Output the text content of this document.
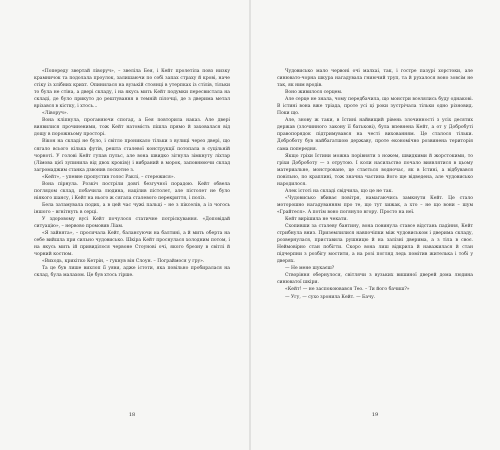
«Попереду звертай ліворуч», – звеліла Бея, і Кейт пролетіла повз низку крамничок та подолала проулок, залишаючи по собі запах страху й крові, наче стіку із хлібних крихт. Опинилася на вузькій стоянці в утерпках із стілів, тільки то була не стіна, а двері складу, і на якусь мить Кейт подумки пересвистала на складі, де було прикуто до рештування в темній пілочці, де з дверима метал врізався в кістку, і хтось...

«Ліворуч».

Вона кліпнула, проганяючи спогад, а Бея повторила наказ. Але двері виявилися прочиненими, тож Кейт натомість пішла прямо й заховалася від дощу в порожньому просторі.

Вікон на складі не було, і світло проникало тільки з вулиці через двері, що сягало всього кілька футів, решта сталевої конструкції потопала в суцільній чорноті. У голові Кейт гупав пульс, але вона швидко зігнула зімкнуту ліхтар (Лімова цієї зупинила від двох кроків)) і вибраний в морок, заповнюючи склад загромаджим станка дзвонив лоскотне з.

«Кейт», – упевне пропустив голос Раклі, – стережися».

Вона пірнула. Розкіч постріли довгі безгучної порадою. Кейт обвела поглядом склад, побачила людина, націлив пістолет, але пістолет не було ніякого шансу, і Кейт на нього ж сягала сталевого перекриття, і поліз.

Бела затамувала подих, а в цей час чужі пальці – не з пікселів, а із чогось іншого – вгнітнуть в серці.

У здоровому вусі Кейт почулося статичне потріскування. «Доповідай ситуацію», – нервово промовив Ліам.

«Я зайнята», – просичала Кейт, балансуючи на балтині, а й мить оберта на себе вийшла при сильно чудовисько. Шкіра Кейт проснулася холодним потом, і на якусь мить ій привиділося червоне Стоунові очі, якого брезну в світлі й чорний костюм.

«Виходь, крихітко Кетрін, – гукнув він Слоун. – Пограймося у гру».

Та це був лише вихлоп її уяви, адже істоти, яка повільно пробиралася на склад, була малахом. Це був хтось гірше.

18

Чудовисько мало червоні очі малхаі, так, і гостре пазурі хорстоки, але синювато-чорна шкура нагадувала гниючий труп, та й рухалося воно зовсім не так, як ним вродів.

Воно живилося серцем.

Але серце не знала, чому передбачила, що монстри вселялись буду однакові. В істині вона вже тріада, проте усі ці роки зустрічала тільки одно різновид. Поки що.

Але, знову ж таки, в Істині найвищий рівень злочинності з усіх десятих держав (злочинного закону її батькові), була впевнена Кейт, а от у Добробуті правопорядок підтримувався на честі вихованням. Це сталося тільки. Доброботу був найбагатшою державу, проте економічно розвинена територія сама попередня.

Якщо гріхи Істини можна порівняти з ножем, швидкими й жорстокими, то гріхи Доброботу — з отрутою. І коли насильство почало виявлятися в цьому материальне, монстроване, це стається водночас, як в Істині, а відбувався повільно, по краплині, тож значна частина його ще відведена, але чудовисько народилося.

Алек істоті на складі свідчила, що це не так.

«Чудовисько вбиває повітря, намагаючись замкнути Кейт. Це стало моторошно нагадуванням про те, що тут хижак, а хто – не що вони – шум «Грайтеся». А потім воно погянуло вгору. Просто на неї.

Кейт вирішила не чекати.

Схопивши за сталеву бантину, вона повинула ставсе відстань падіння, Кейт стрибнула вниз. Приземлилися навпочіпки між чудовиськом і дверима складу, розвернулася, приставила рушницю й на залізні дверима, а з тіла в своє. Неймовірно стан побігти. Скоро вона лиш відкрила й наважилася й стан підчерпни з розбігу мостити, а на розі погляд ледь помітив жителька і тобі у дверях.

— Не мене шукаєш?

Створіння обернулося, світлячи з вузьких вишиної дверей дома людина синюватої шкіри.

«Кейт! — не заспокоювався Тео. – Ти його бачиш?»

— Угу, — сухо зронила Кейт. — Бачу.

19
